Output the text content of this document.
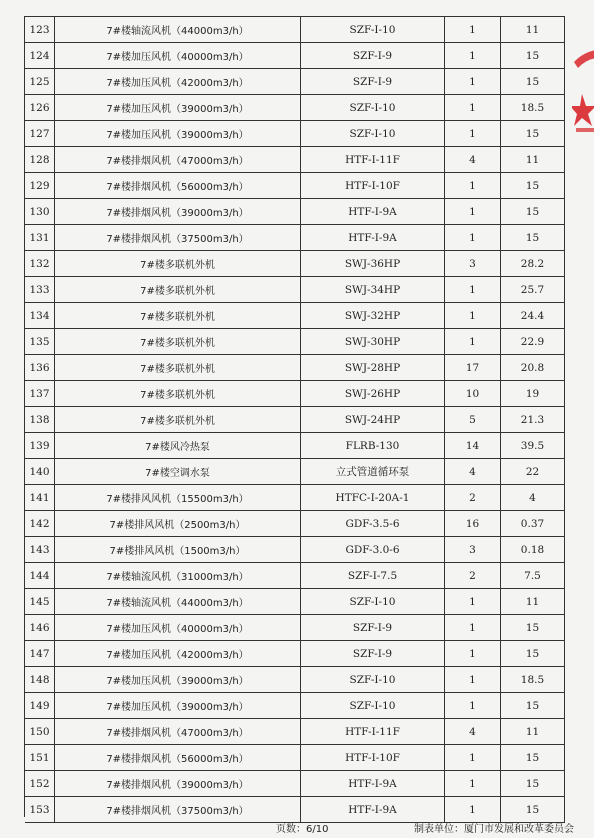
123	7#楼轴流风机（44000m3/h）	SZF-I-10	1	11
124	7#楼加压风机（40000m3/h）	SZF-I-9	1	15
125	7#楼加压风机（42000m3/h）	SZF-I-9	1	15
126	7#楼加压风机（39000m3/h）	SZF-I-10	1	18.5
127	7#楼加压风机（39000m3/h）	SZF-I-10	1	15
128	7#楼排烟风机（47000m3/h）	HTF-I-11F	4	11
129	7#楼排烟风机（56000m3/h）	HTF-I-10F	1	15
130	7#楼排烟风机（39000m3/h）	HTF-I-9A	1	15
131	7#楼排烟风机（37500m3/h）	HTF-I-9A	1	15
132	7#楼多联机外机	SWJ-36HP	3	28.2
133	7#楼多联机外机	SWJ-34HP	1	25.7
134	7#楼多联机外机	SWJ-32HP	1	24.4
135	7#楼多联机外机	SWJ-30HP	1	22.9
136	7#楼多联机外机	SWJ-28HP	17	20.8
137	7#楼多联机外机	SWJ-26HP	10	19
138	7#楼多联机外机	SWJ-24HP	5	21.3
139	7#楼风冷热泵	FLRB-130	14	39.5
140	7#楼空调水泵	立式管道循环泵	4	22
141	7#楼排风风机（15500m3/h）	HTFC-I-20A-1	2	4
142	7#楼排风风机（2500m3/h）	GDF-3.5-6	16	0.37
143	7#楼排风风机（1500m3/h）	GDF-3.0-6	3	0.18
144	7#楼轴流风机（31000m3/h）	SZF-I-7.5	2	7.5
145	7#楼轴流风机（44000m3/h）	SZF-I-10	1	11
146	7#楼加压风机（40000m3/h）	SZF-I-9	1	15
147	7#楼加压风机（42000m3/h）	SZF-I-9	1	15
148	7#楼加压风机（39000m3/h）	SZF-I-10	1	18.5
149	7#楼加压风机（39000m3/h）	SZF-I-10	1	15
150	7#楼排烟风机（47000m3/h）	HTF-I-11F	4	11
151	7#楼排烟风机（56000m3/h）	HTF-I-10F	1	15
152	7#楼排烟风机（39000m3/h）	HTF-I-9A	1	15
153	7#楼排烟风机（37500m3/h）	HTF-I-9A	1	15
页数：6/10	制表单位：厦门市发展和改革委员会
